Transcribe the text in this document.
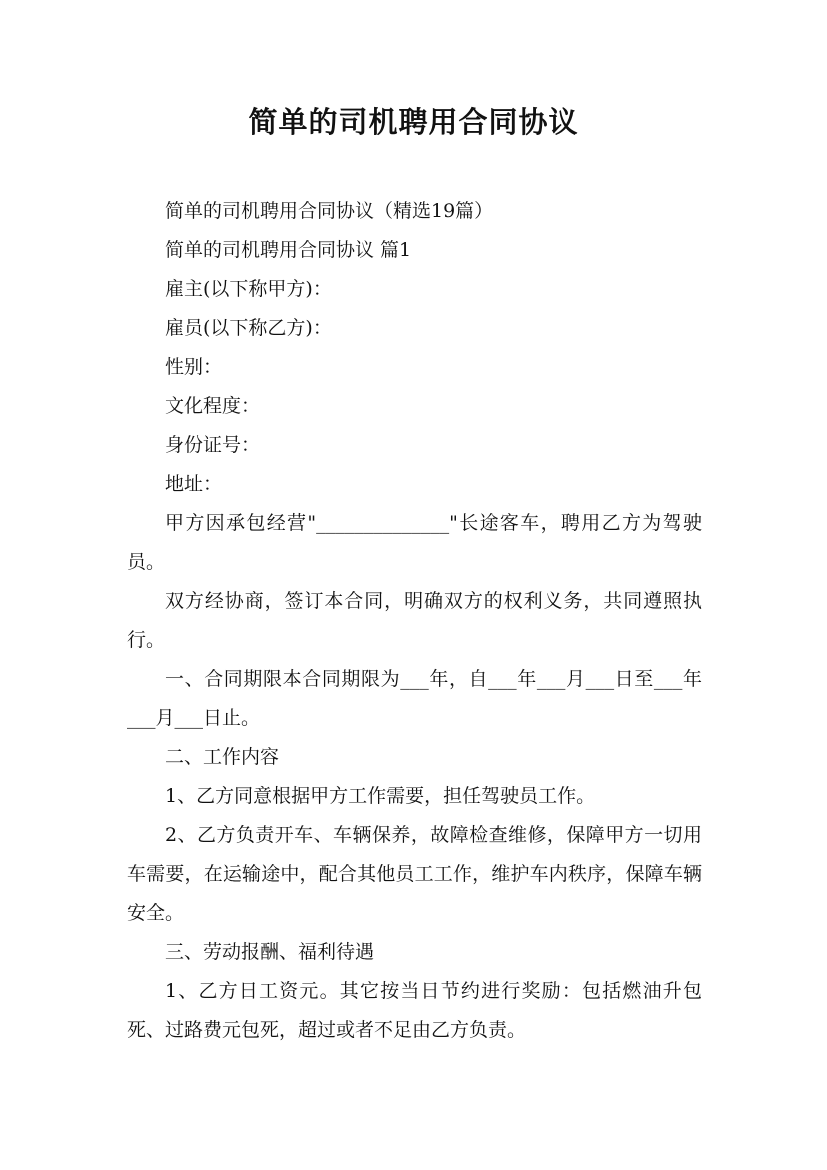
简单的司机聘用合同协议

简单的司机聘用合同协议（精选19篇）

简单的司机聘用合同协议 篇1

雇主(以下称甲方)：

雇员(以下称乙方)：

性别：

文化程度：

身份证号：

地址：

甲方因承包经营"______________"长途客车，聘用乙方为驾驶员。

双方经协商，签订本合同，明确双方的权利义务，共同遵照执行。

一、合同期限本合同期限为___年，自___年___月___日至___年___月___日止。

二、工作内容

1、乙方同意根据甲方工作需要，担任驾驶员工作。

2、乙方负责开车、车辆保养，故障检查维修，保障甲方一切用车需要，在运输途中，配合其他员工工作，维护车内秩序，保障车辆安全。

三、劳动报酬、福利待遇

1、乙方日工资元。其它按当日节约进行奖励：包括燃油升包死、过路费元包死，超过或者不足由乙方负责。
